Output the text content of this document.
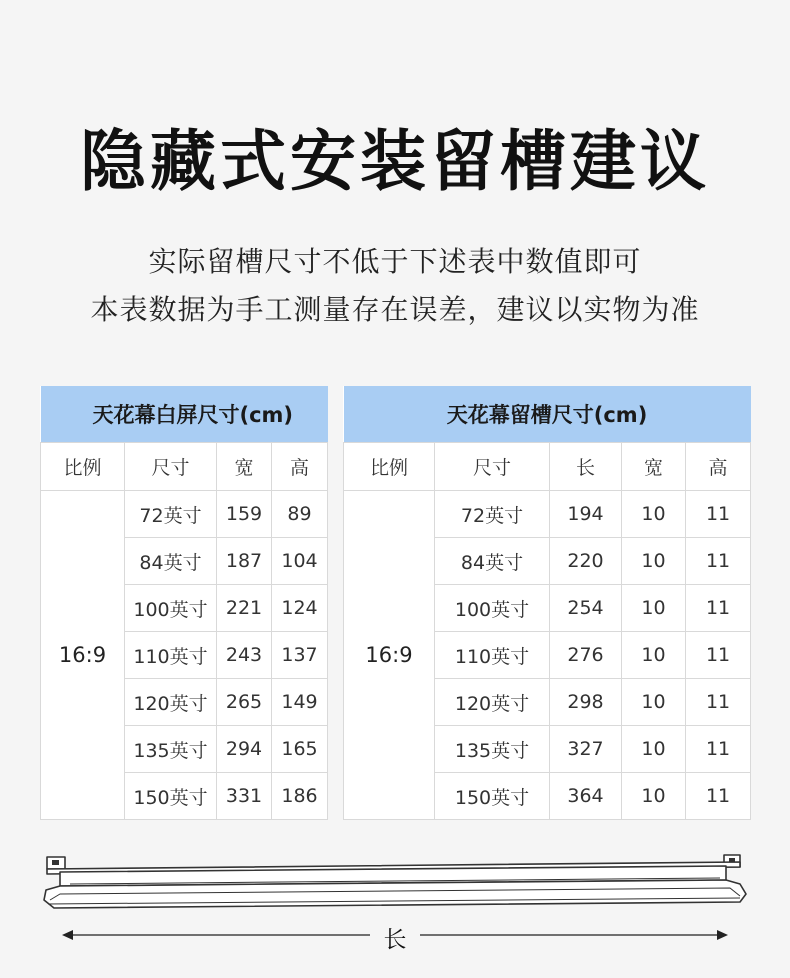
隐藏式安装留槽建议
实际留槽尺寸不低于下述表中数值即可
本表数据为手工测量存在误差，建议以实物为准
天花幕白屏尺寸(cm)			
比例	尺寸	宽	高
16:9	72英寸	159	89
	84英寸	187	104
	100英寸	221	124
	110英寸	243	137
	120英寸	265	149
	135英寸	294	165
	150英寸	331	186
天花幕留槽尺寸(cm)				
比例	尺寸	长	宽	高
16:9	72英寸	194	10	11
	84英寸	220	10	11
	100英寸	254	10	11
	110英寸	276	10	11
	120英寸	298	10	11
	135英寸	327	10	11
	150英寸	364	10	11
长
